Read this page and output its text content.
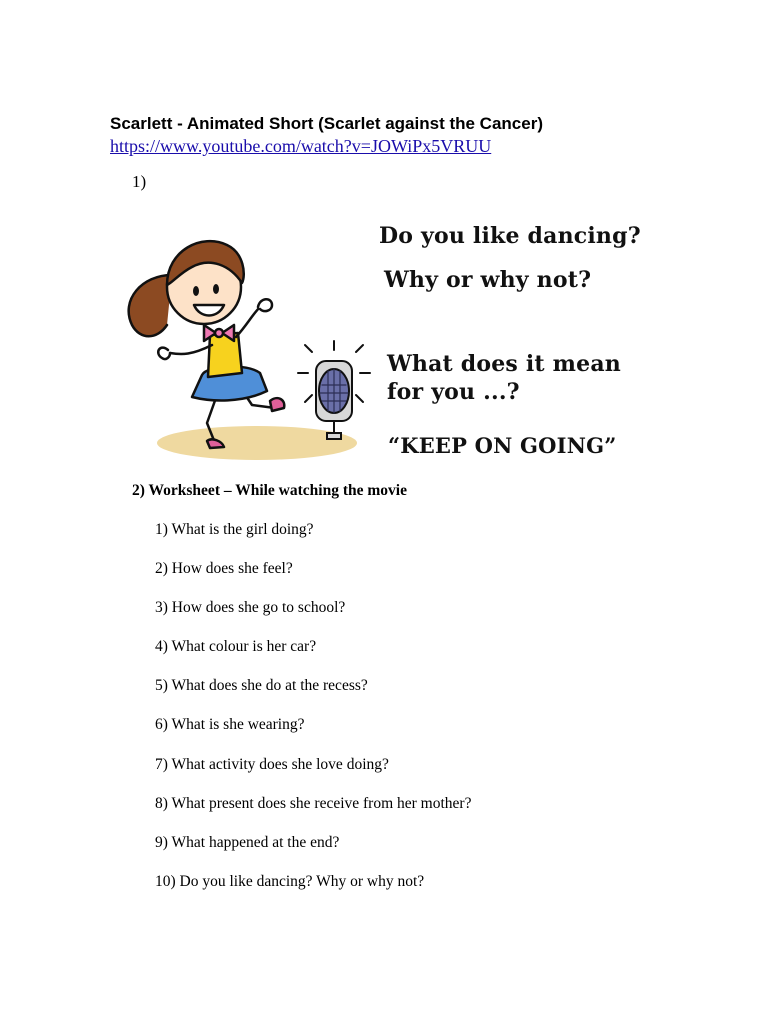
Scarlett - Animated Short (Scarlet against the Cancer)

https://www.youtube.com/watch?v=JOWiPx5VRUU
1)
Do you like dancing?
Why or why not?
What does it mean
for you ...?
“KEEP ON GOING”

2) Worksheet – While watching the movie

1) What is the girl doing?
2) How does she feel?
3) How does she go to school?
4) What colour is her car?
5) What does she do at the recess?
6) What is she wearing?
7) What activity does she love doing?
8) What present does she receive from her mother?
9) What happened at the end?
10) Do you like dancing? Why or why not?
